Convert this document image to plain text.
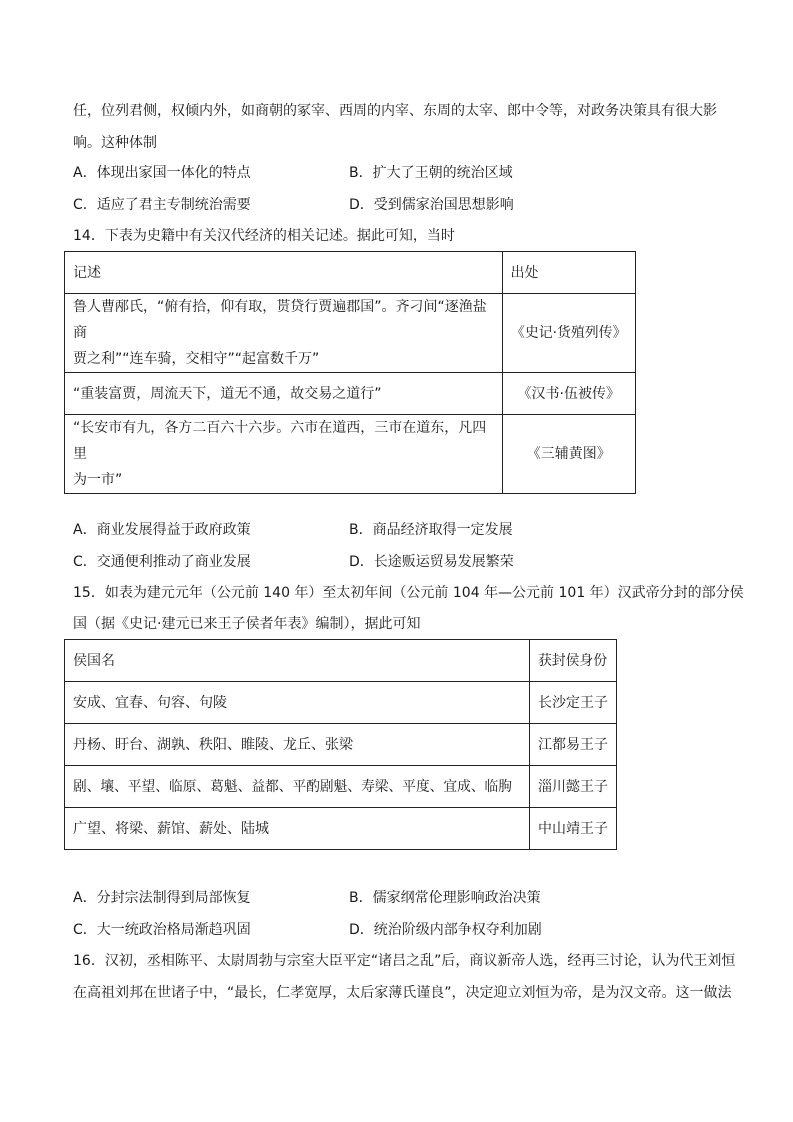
任，位列君侧，权倾内外，如商朝的冢宰、西周的内宰、东周的太宰、郎中令等，对政务决策具有很大影
响。这种体制
A．体现出家国一体化的特点	B．扩大了王朝的统治区域
C．适应了君主专制统治需要	D．受到儒家治国思想影响
14．下表为史籍中有关汉代经济的相关记述。据此可知，当时
记述	出处

鲁人曹邴氏，“俯有拾，仰有取，贳贷行贾遍郡国”。齐刁间“逐渔盐商
贾之利”“连车骑，交相守”“起富数千万”	《史记·货殖列传》
“重装富贾，周流天下，道无不通，故交易之道行”	《汉书·伍被传》

“长安市有九，各方二百六十六步。六市在道西，三市在道东，凡四里
为一市”	《三辅黄图》
A．商业发展得益于政府政策	B．商品经济取得一定发展
C．交通便利推动了商业发展	D．长途贩运贸易发展繁荣
15．如表为建元元年（公元前 140 年）至太初年间（公元前 104 年—公元前 101 年）汉武帝分封的部分侯
国（据《史记·建元已来王子侯者年表》编制），据此可知
侯国名	获封侯身份
安成、宜春、句容、句陵	长沙定王子
丹杨、盱台、湖孰、秩阳、睢陵、龙丘、张梁	江都易王子
剧、壤、平望、临原、葛魁、益都、平酌剧魁、寿梁、平度、宜成、临朐	淄川懿王子
广望、将梁、薪馆、薪处、陆城	中山靖王子
A．分封宗法制得到局部恢复	B．儒家纲常伦理影响政治决策
C．大一统政治格局渐趋巩固	D．统治阶级内部争权夺利加剧
16．汉初，丞相陈平、太尉周勃与宗室大臣平定“诸吕之乱”后，商议新帝人选，经再三讨论，认为代王刘恒
在高祖刘邦在世诸子中，“最长，仁孝宽厚，太后家薄氏谨良”，决定迎立刘恒为帝，是为汉文帝。这一做法
